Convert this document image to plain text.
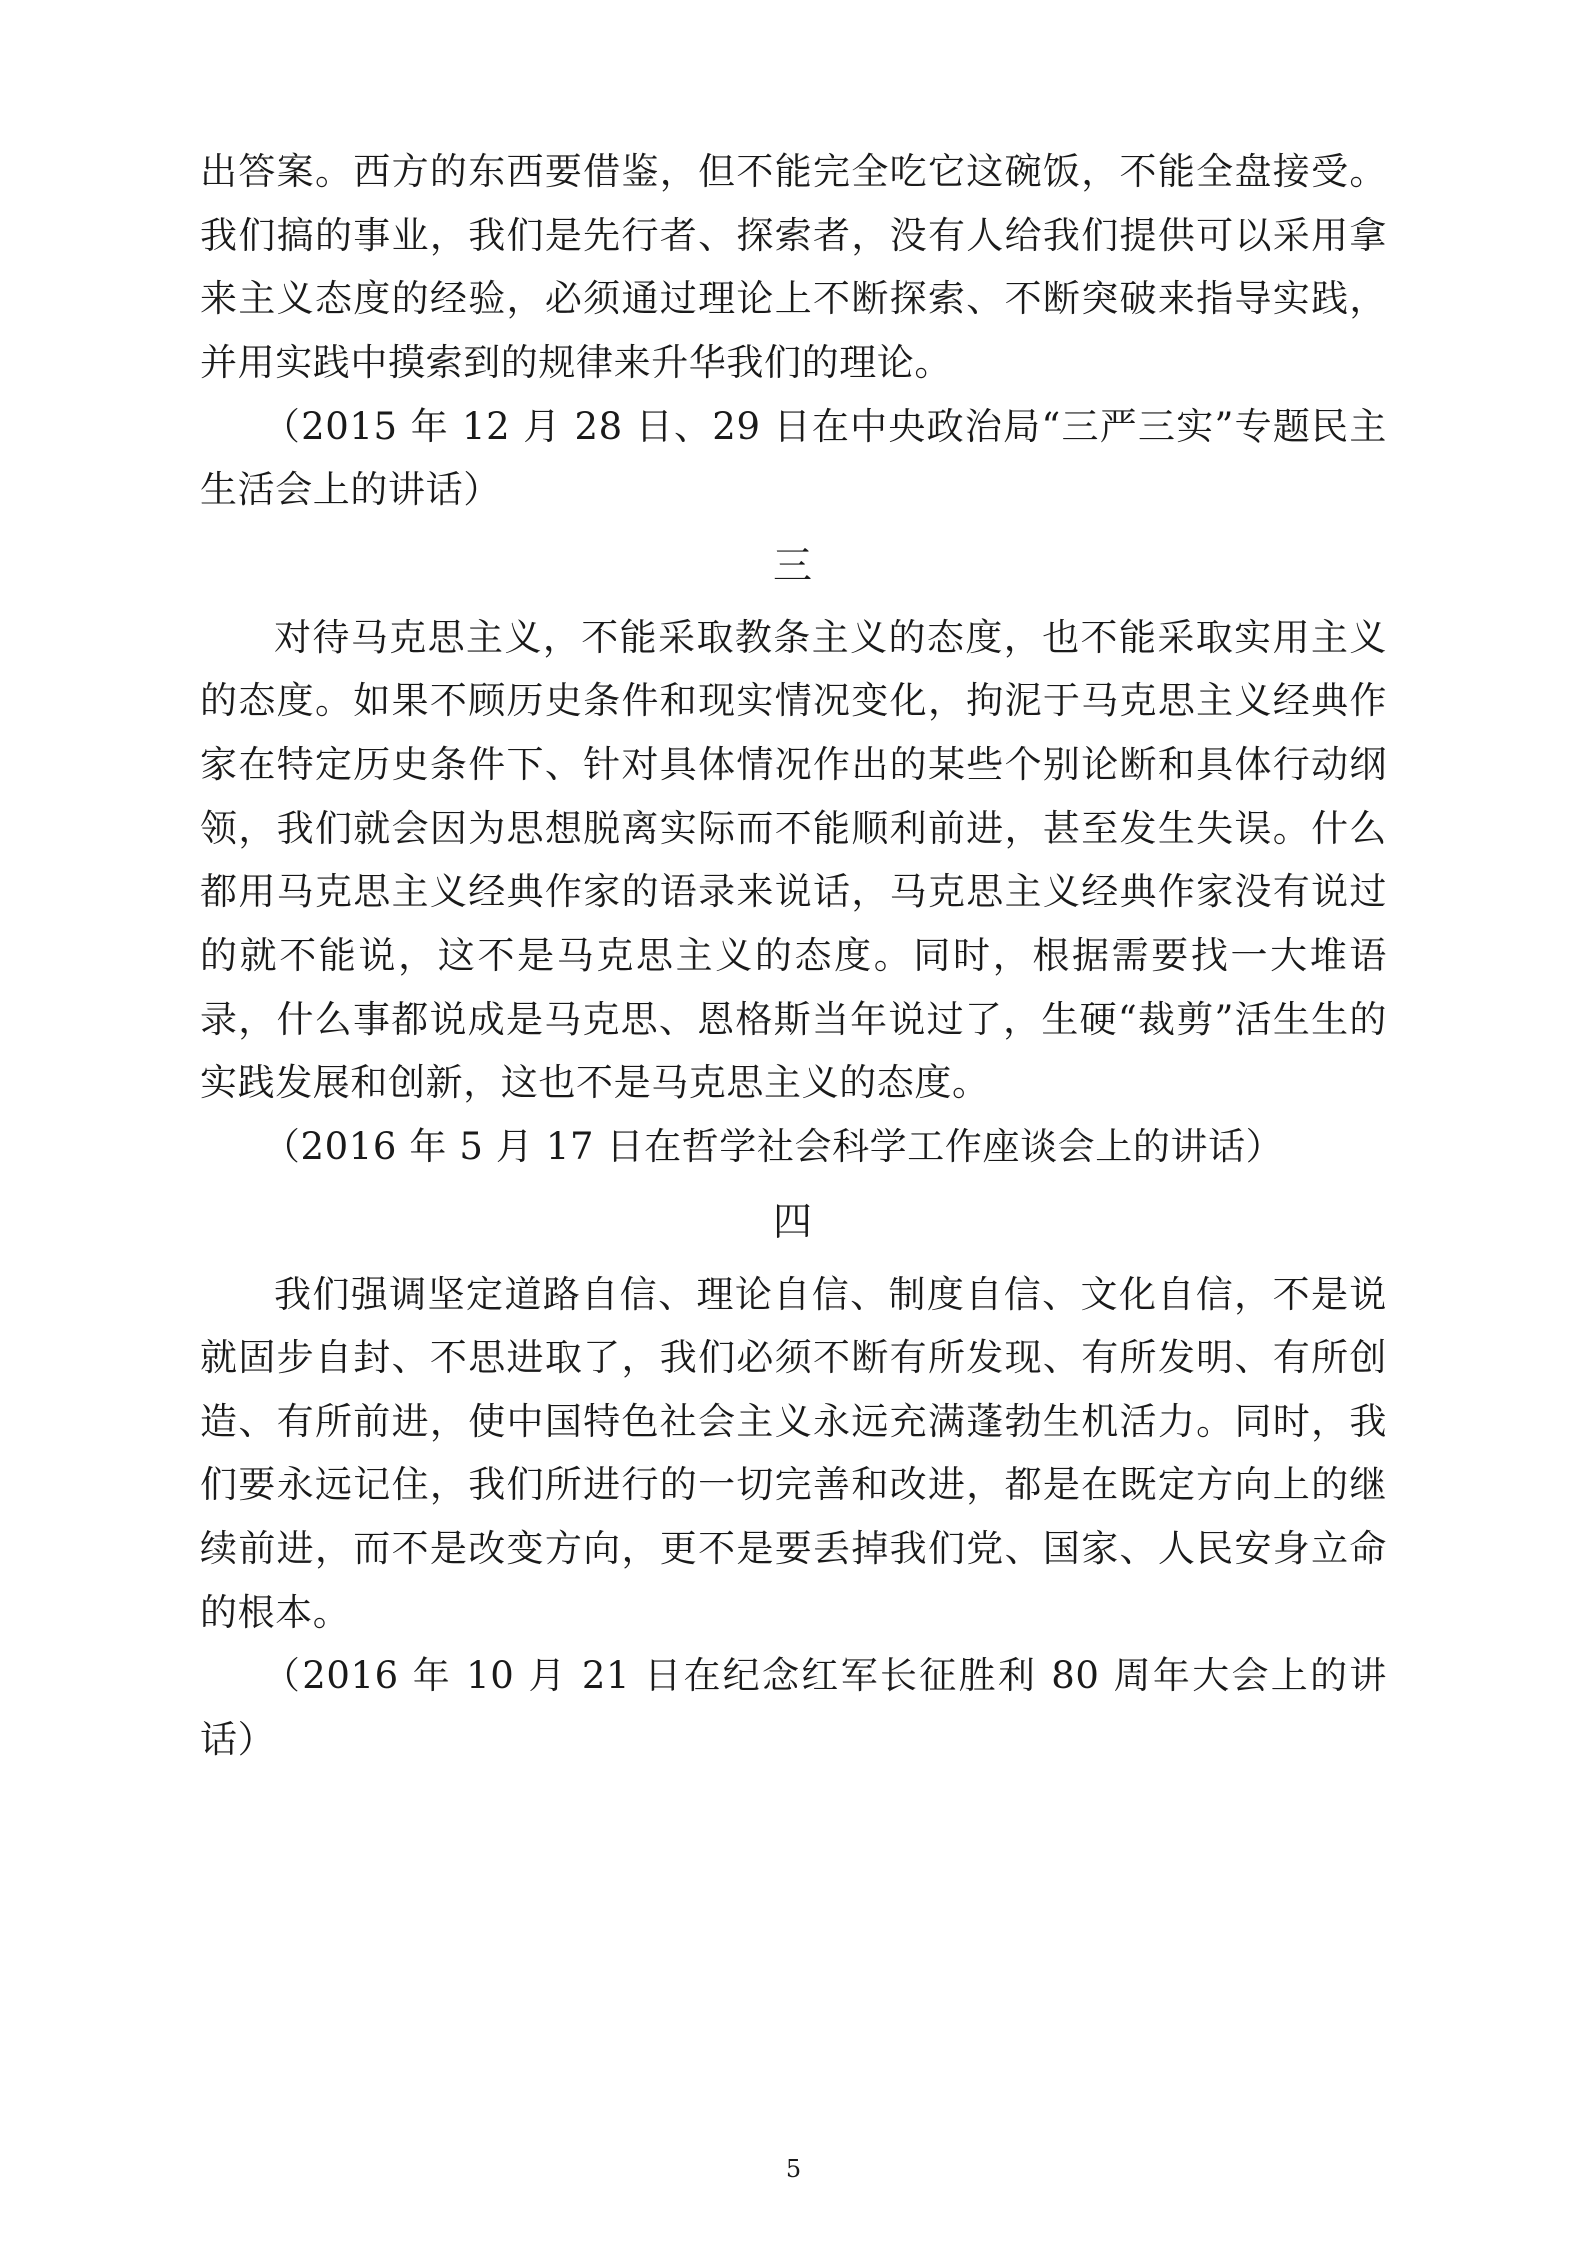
出答案。西方的东西要借鉴，但不能完全吃它这碗饭，不能全盘接受。我们搞的事业，我们是先行者、探索者，没有人给我们提供可以采用拿来主义态度的经验，必须通过理论上不断探索、不断突破来指导实践，并用实践中摸索到的规律来升华我们的理论。

（2015 年 12 月 28 日、29 日在中央政治局“三严三实”专题民主生活会上的讲话）

三

对待马克思主义，不能采取教条主义的态度，也不能采取实用主义的态度。如果不顾历史条件和现实情况变化，拘泥于马克思主义经典作家在特定历史条件下、针对具体情况作出的某些个别论断和具体行动纲领，我们就会因为思想脱离实际而不能顺利前进，甚至发生失误。什么都用马克思主义经典作家的语录来说话，马克思主义经典作家没有说过的就不能说，这不是马克思主义的态度。同时，根据需要找一大堆语录，什么事都说成是马克思、恩格斯当年说过了，生硬“裁剪”活生生的实践发展和创新，这也不是马克思主义的态度。

（2016 年 5 月 17 日在哲学社会科学工作座谈会上的讲话）

四

我们强调坚定道路自信、理论自信、制度自信、文化自信，不是说就固步自封、不思进取了，我们必须不断有所发现、有所发明、有所创造、有所前进，使中国特色社会主义永远充满蓬勃生机活力。同时，我们要永远记住，我们所进行的一切完善和改进，都是在既定方向上的继续前进，而不是改变方向，更不是要丢掉我们党、国家、人民安身立命的根本。

（2016 年 10 月 21 日在纪念红军长征胜利 80 周年大会上的讲话）

5
